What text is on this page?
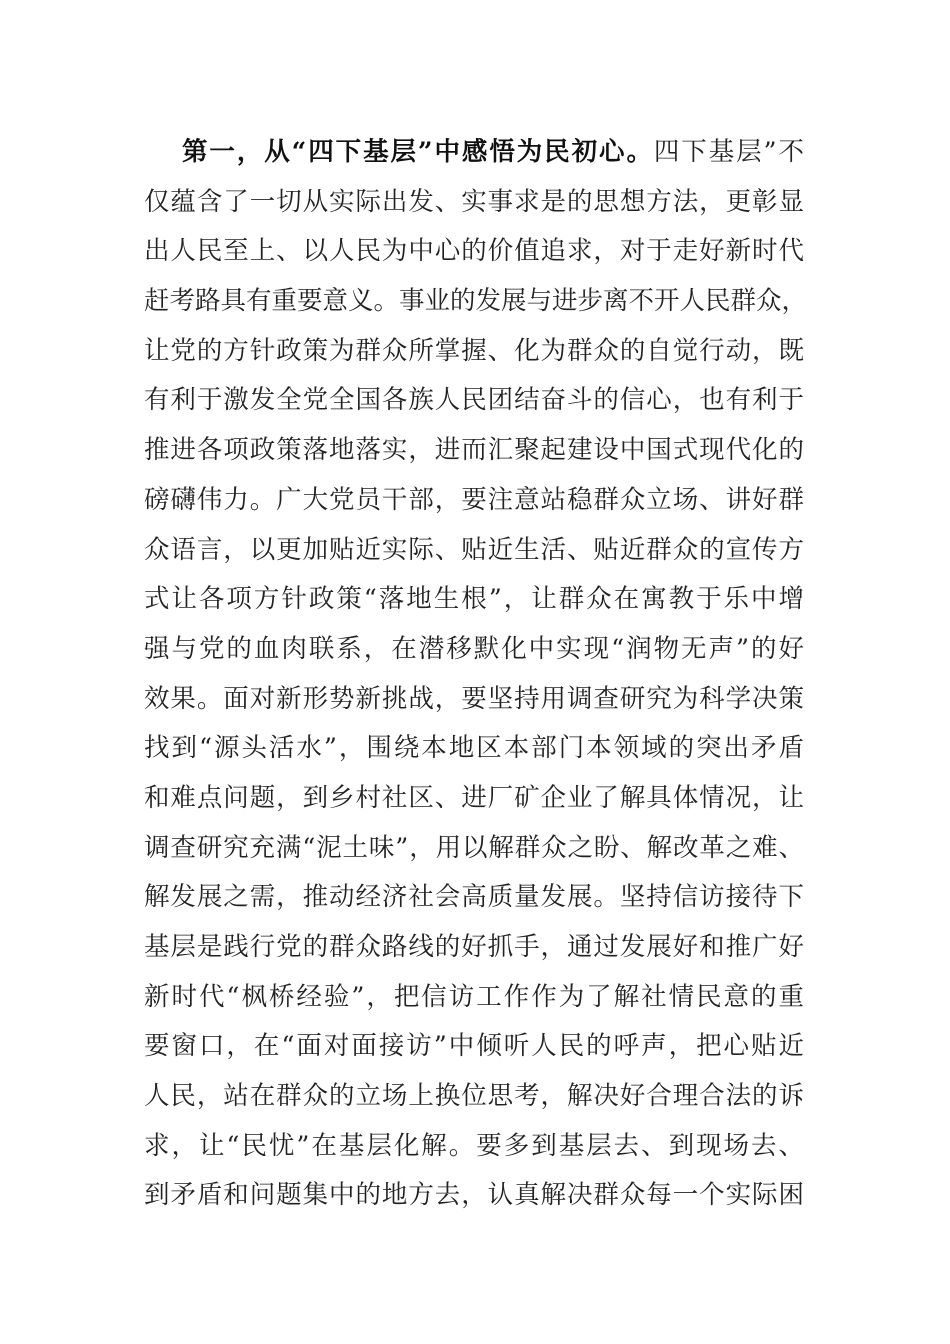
第一，从“四下基层”中感悟为民初心。四下基层”不
仅蕴含了一切从实际出发、实事求是的思想方法，更彰显
出人民至上、以人民为中心的价值追求，对于走好新时代
赶考路具有重要意义。事业的发展与进步离不开人民群众，
让党的方针政策为群众所掌握、化为群众的自觉行动，既
有利于激发全党全国各族人民团结奋斗的信心，也有利于
推进各项政策落地落实，进而汇聚起建设中国式现代化的
磅礴伟力。广大党员干部，要注意站稳群众立场、讲好群
众语言，以更加贴近实际、贴近生活、贴近群众的宣传方
式让各项方针政策“落地生根”，让群众在寓教于乐中增
强与党的血肉联系，在潜移默化中实现“润物无声”的好
效果。面对新形势新挑战，要坚持用调查研究为科学决策
找到“源头活水”，围绕本地区本部门本领域的突出矛盾
和难点问题，到乡村社区、进厂矿企业了解具体情况，让
调查研究充满“泥土味”，用以解群众之盼、解改革之难、
解发展之需，推动经济社会高质量发展。坚持信访接待下
基层是践行党的群众路线的好抓手，通过发展好和推广好
新时代“枫桥经验”，把信访工作作为了解社情民意的重
要窗口，在“面对面接访”中倾听人民的呼声，把心贴近
人民，站在群众的立场上换位思考，解决好合理合法的诉
求，让“民忧”在基层化解。要多到基层去、到现场去、
到矛盾和问题集中的地方去，认真解决群众每一个实际困
